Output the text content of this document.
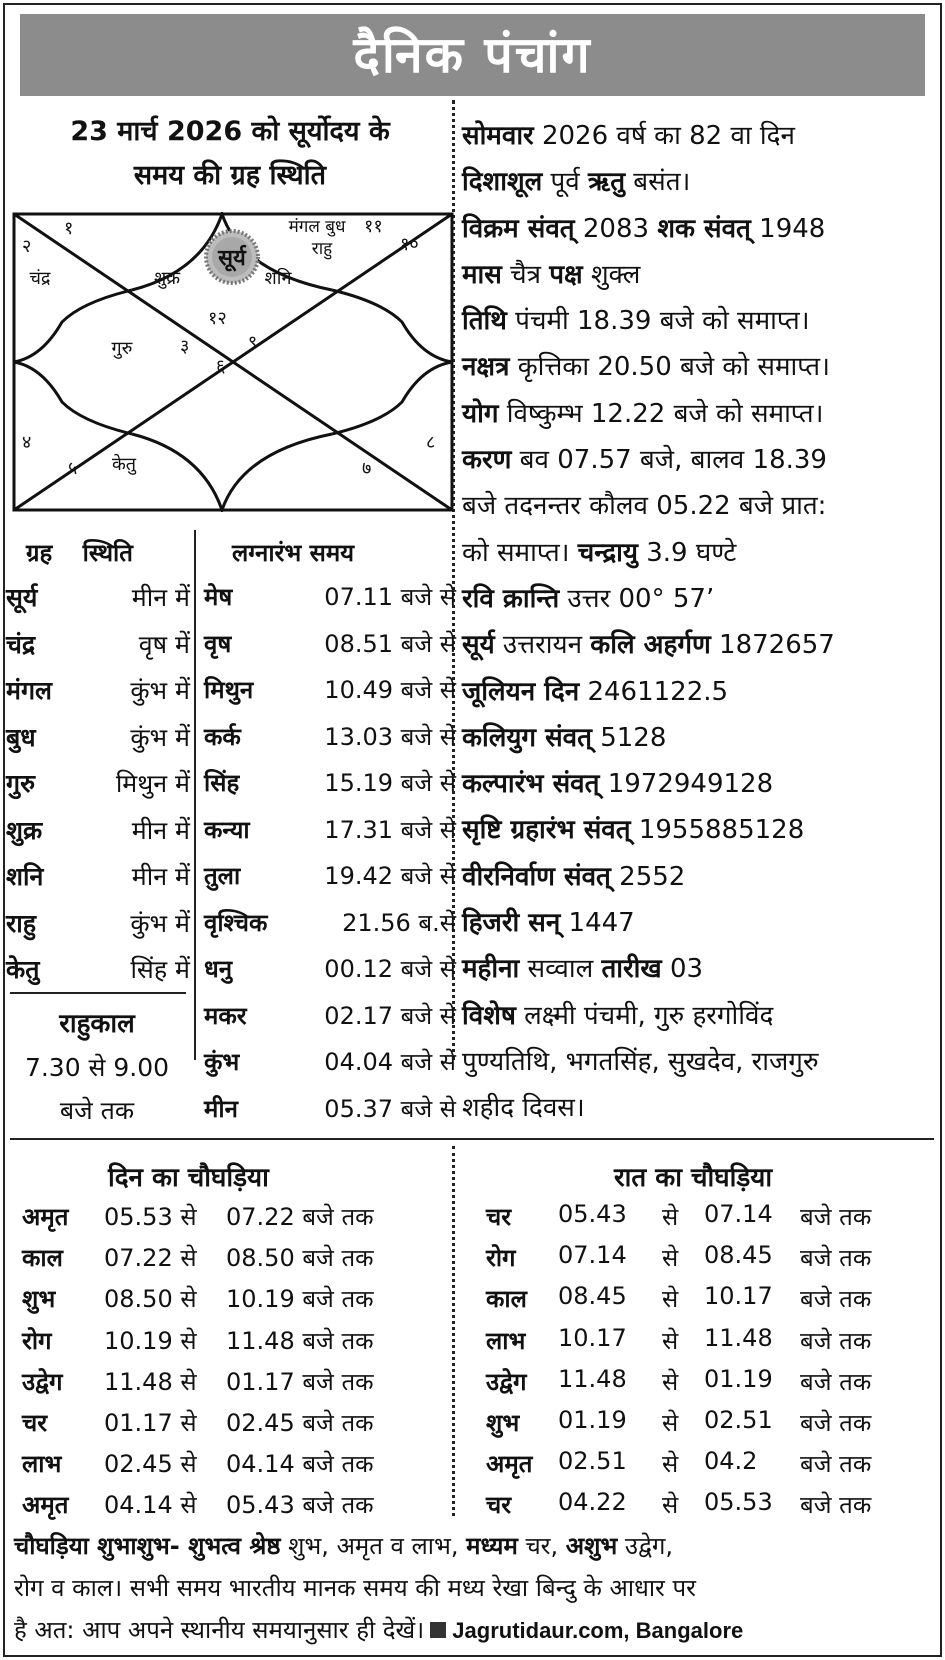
दैनिक पंचांग
23 मार्च 2026 को सूर्योदय के
समय की ग्रह स्थिति
सूर्य
शुक्र	शनि
मंगल बुध
राहु
चंद्र
गुरु
केतु
१
२
३
४
५
६
७
८
९
१०
११
१२
सोमवार 2026 वर्ष का 82 वा दिन
दिशाशूल पूर्व ऋतु बसंत।
विक्रम संवत् 2083 शक संवत् 1948
मास चैत्र पक्ष शुक्ल
तिथि पंचमी 18.39 बजे को समाप्त।
नक्षत्र कृत्तिका 20.50 बजे को समाप्त।
योग विष्कुम्भ 12.22 बजे को समाप्त।
करण बव 07.57 बजे, बालव 18.39
बजे तदनन्तर कौलव 05.22 बजे प्रात:
को समाप्त। चन्द्रायु 3.9 घण्टे
रवि क्रान्ति उत्तर 00° 57’
सूर्य उत्तरायन कलि अहर्गण 1872657
जूलियन दिन 2461122.5
कलियुग संवत् 5128
कल्पारंभ संवत् 1972949128
सृष्टि ग्रहारंभ संवत् 1955885128
वीरनिर्वाण संवत् 2552
हिजरी सन् 1447
महीना सव्वाल तारीख 03
विशेष लक्ष्मी पंचमी, गुरु हरगोविंद
पुण्यतिथि, भगतसिंह, सुखदेव, राजगुरु
शहीद दिवस।
ग्रह स्थिति	लग्नारंभ समय
सूर्य	मीन में
चंद्र	वृष में
मंगल	कुंभ में
बुध	कुंभ में
गुरु	मिथुन में
शुक्र	मीन में
शनि	मीन में
राहु	कुंभ में
केतु	सिंह में
मेष	07.11 बजे से
वृष	08.51 बजे से
मिथुन	10.49 बजे से
कर्क	13.03 बजे से
सिंह	15.19 बजे से
कन्या	17.31 बजे से
तुला	19.42 बजे से
वृश्चिक	21.56 ब.से
धनु	00.12 बजे से
मकर	02.17 बजे से
कुंभ	04.04 बजे से
मीन	05.37 बजे से
राहुकाल
7.30 से 9.00
बजे तक
दिन का चौघड़िया	रात का चौघड़िया
अमृत 05.53 से 07.22 बजे तक
काल 07.22 से 08.50 बजे तक
शुभ 08.50 से 10.19 बजे तक
रोग 10.19 से 11.48 बजे तक
उद्वेग 11.48 से 01.17 बजे तक
चर 01.17 से 02.45 बजे तक
लाभ 02.45 से 04.14 बजे तक
अमृत 04.14 से 05.43 बजे तक
चर 05.43 से 07.14 बजे तक
रोग 07.14 से 08.45 बजे तक
काल 08.45 से 10.17 बजे तक
लाभ 10.17 से 11.48 बजे तक
उद्वेग 11.48 से 01.19 बजे तक
शुभ 01.19 से 02.51 बजे तक
अमृत 02.51 से 04.2 बजे तक
चर 04.22 से 05.53 बजे तक
चौघड़िया शुभाशुभ- शुभत्व श्रेष्ठ शुभ, अमृत व लाभ, मध्यम चर, अशुभ उद्वेग,
रोग व काल। सभी समय भारतीय मानक समय की मध्य रेखा बिन्दु के आधार पर
है अत: आप अपने स्थानीय समयानुसार ही देखें। Jagrutidaur.com, Bangalore
